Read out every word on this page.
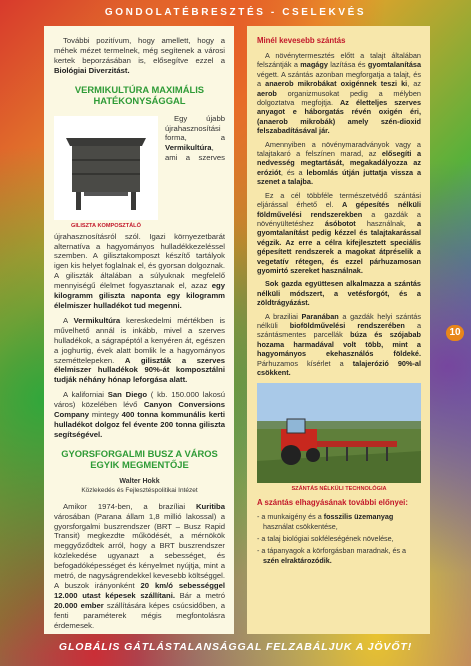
GONDOLATÉBRESZTÉS - CSELEKVÉS

További pozitívum, hogy amellett, hogy a méhek mézet termelnek, még segítenek a városi kertek beporzásában is, elősegítve ezzel a Biológiai Diverzitást.

VERMIKULTÚRA MAXIMÁLIS HATÉKONYSÁGGAL
GILISZTA KOMPOSZTÁLÓ

Egy újabb újrahasznosítási forma, a Vermikultúra, ami a szerves újrahasznosításról szól. Igazi környezetbarát alternatíva a hagyományos hulladékkezeléssel szemben. A gilisztakomposzt készítő tartályok igen kis helyet foglalnak el, és gyorsan dolgoznak. A giliszták általában a súlyuknak megfelelő mennyiségű élelmet fogyasztanak el, azaz egy kilogramm giliszta naponta egy kilogramm élelmiszer hulladékot tud megenni.

A Vermikultúra kereskedelmi mértékben is művelhető annál is inkább, mivel a szerves hulladékok, a ságrapéptól a kenyéren át, egészen a joghurtig, évek alatt bomlik le a hagyományos szeméttelepeken. A giliszták a szerves élelmiszer hulladékok 90%-át komposztálni tudják néhány hónap leforgása alatt.

A kaliforniai San Diego ( kb. 150.000 lakosú város) közelében lévő Canyon Conversions Company mintegy 400 tonna kommunális kerti hulladékot dolgoz fel évente 200 tonna giliszta segítségével.

GYORSFORGALMI BUSZ A VÁROS EGYIK MEGMENTŐJE
Walter Hokk
Közlekedés és Fejlesztéspolitikai Intézet

Amikor 1974-ben, a brazíliai Kuritiba városában (Parana állam 1,8 millió lakossal) a gyorsforgalmi buszrendszer (BRT – Busz Rapid Transit) megkezdte működését, a mérnökök meggyőződtek arról, hogy a BRT buszrendszer közlekedése ugyanazt a sebességet, és befogadóképességet és kényelmet nyújtja, mint a metró, de nagyságrendekkel kevesebb költséggel. A buszok irányonként 20 km/ó sebességgel 12.000 utast képesek szállítani. Bár a metró 20.000 ember szállítására képes csúcsidőben, a fenti paraméterek mégis megfontolásra érdemesek.

Minél kevesebb szántás

A növénytermesztés előtt a talajt általában felszántják a magágy lazítása és gyomtalanítása végett. A szántás azonban megforgatja a talajt, és a anaerob mikrobákat oxigénnek teszi ki, az aerob organizmusokat pedig a mélyben dolgoztatva megfojtja. Az életteljes szerves anyagot e háborgatás révén oxigén éri, (anaerob mikrobák) amely szén-dioxid felszabadításával jár.

Amennyiben a növénymaradványok vagy a talajtakaró a felszínen marad, az elősegíti a nedvesség megtartását, megakadályozza az eróziót, és a lebomlás útján juttatja vissza a szenet a talajba.

Ez a cél többféle természetvédő szántási eljárással érhető el. A gépesítés nélküli földművelési rendszerekben a gazdák a növényültetéshez ásóbotot használnak, a gyomtalanítást pedig kézzel és talajtakarással végzik. Az erre a célra kifejlesztett speciális gépesített rendszerek a magokat átpréselik a vegetatív rétegen, és ezzel párhuzamosan gyomirtó szereket használnak.

Sok gazda együttesen alkalmazza a szántás nélküli módszert, a vetésforgót, és a zöldtrágyázást.

A braziliai Paranában a gazdák helyi szántás nélküli bioföldművelési rendszerében a szántásmentes parcellák búza és szójabab hozama harmadával volt több, mint a hagyományos ekehasználós földeké. Párhuzamos kísérlet a talajerózió 90%-al csökkent.

SZÁNTÁS NÉLKÜLI TECHNOLÓGIA
A szántás elhagyásának további előnyei:
- a munkaigény és a fosszilis üzemanyag használat csökkentése,
- a talaj biológiai sokféleségének növelése,
- a tápanyagok a körforgásban maradnak, és a szén elraktározódik.
10
GLOBÁLIS GÁTLÁSTALANSÁGGAL FELZABÁLJUK A JÖVŐT!
